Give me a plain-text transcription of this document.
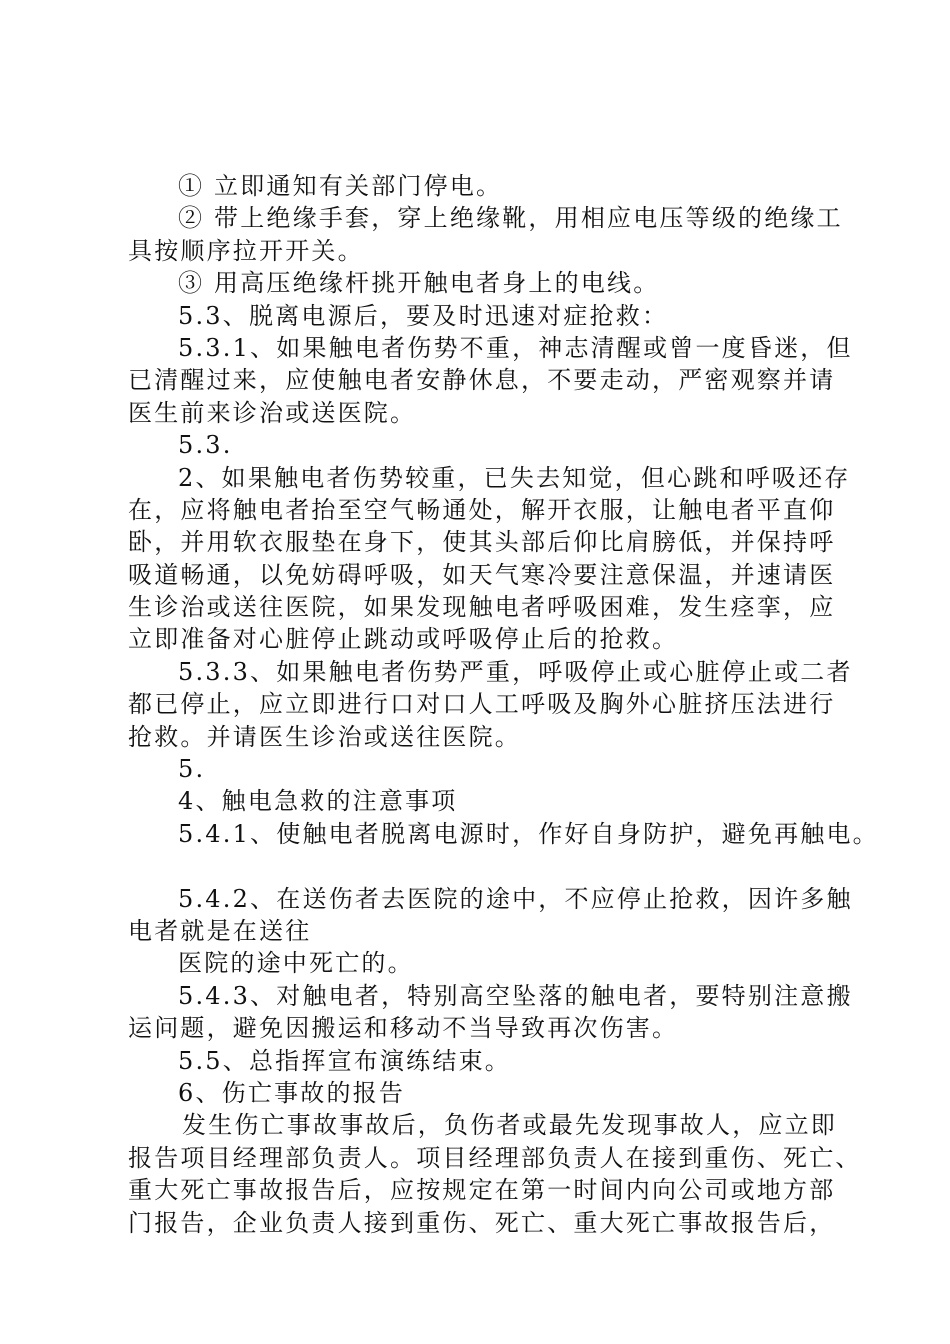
① 立即通知有关部门停电。
② 带上绝缘手套，穿上绝缘靴，用相应电压等级的绝缘工
具按顺序拉开开关。
③ 用高压绝缘杆挑开触电者身上的电线。
5.3、脱离电源后，要及时迅速对症抢救：
5.3.1、如果触电者伤势不重，神志清醒或曾一度昏迷，但
已清醒过来，应使触电者安静休息，不要走动，严密观察并请
医生前来诊治或送医院。
5.3.
2、如果触电者伤势较重，已失去知觉，但心跳和呼吸还存
在，应将触电者抬至空气畅通处，解开衣服，让触电者平直仰
卧，并用软衣服垫在身下，使其头部后仰比肩膀低，并保持呼
吸道畅通，以免妨碍呼吸，如天气寒冷要注意保温，并速请医
生诊治或送往医院，如果发现触电者呼吸困难，发生痉挛，应
立即准备对心脏停止跳动或呼吸停止后的抢救。
5.3.3、如果触电者伤势严重，呼吸停止或心脏停止或二者
都已停止，应立即进行口对口人工呼吸及胸外心脏挤压法进行
抢救。并请医生诊治或送往医院。
5.
4、触电急救的注意事项
5.4.1、使触电者脱离电源时，作好自身防护，避免再触电。
5.4.2、在送伤者去医院的途中，不应停止抢救，因许多触
电者就是在送往
医院的途中死亡的。
5.4.3、对触电者，特别高空坠落的触电者，要特别注意搬
运问题，避免因搬运和移动不当导致再次伤害。
5.5、总指挥宣布演练结束。
6、伤亡事故的报告
发生伤亡事故事故后，负伤者或最先发现事故人，应立即
报告项目经理部负责人。项目经理部负责人在接到重伤、死亡、
重大死亡事故报告后，应按规定在第一时间内向公司或地方部
门报告，企业负责人接到重伤、死亡、重大死亡事故报告后，
